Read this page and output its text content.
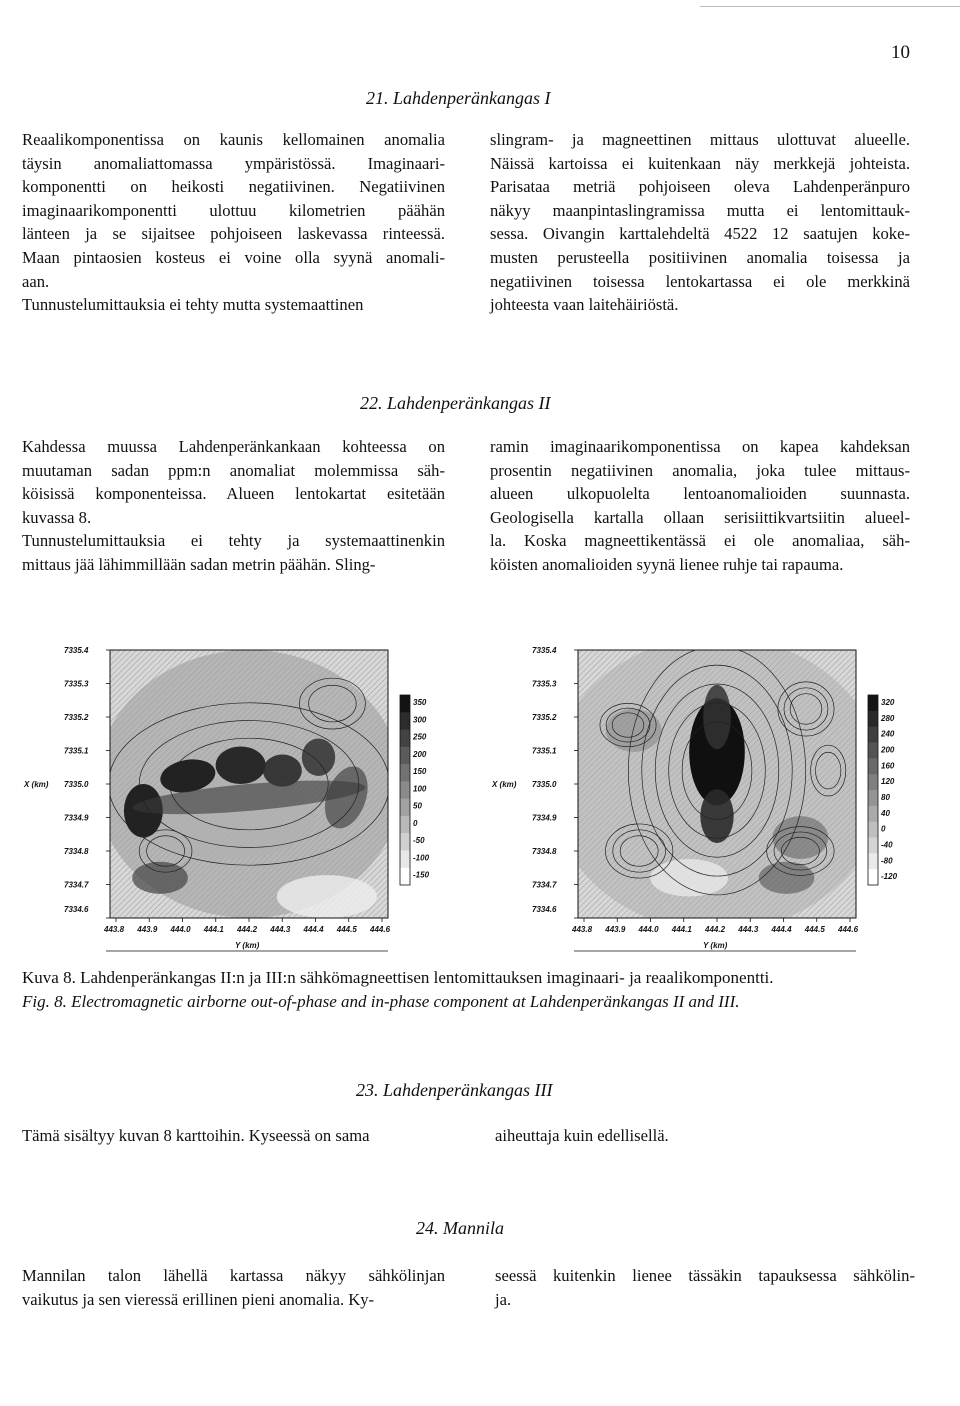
10
21. Lahdenperänkangas I
Reaalikomponentissa on kaunis kellomainen anomalia
täysin anomaliattomassa ympäristössä. Imaginaari-
komponentti on heikosti negatiivinen. Negatiivinen
imaginaarikomponentti ulottuu kilometrien päähän
länteen ja se sijaitsee pohjoiseen laskevassa rinteessä.
Maan pintaosien kosteus ei voine olla syynä anomali-
aan.
Tunnustelumittauksia ei tehty mutta systemaattinen
slingram- ja magneettinen mittaus ulottuvat alueelle.
Näissä kartoissa ei kuitenkaan näy merkkejä johteista.
Parisataa metriä pohjoiseen oleva Lahdenperänpuro
näkyy maanpintaslingramissa mutta ei lentomittauk-
sessa. Oivangin karttalehdeltä 4522 12 saatujen koke-
musten perusteella positiivinen anomalia toisessa ja
negatiivinen toisessa lentokartassa ei ole merkkinä
johteesta vaan laitehäiriöstä.
22. Lahdenperänkangas II
Kahdessa muussa Lahdenperänkankaan kohteessa on
muutaman sadan ppm:n anomaliat molemmissa säh-
köisissä komponenteissa. Alueen lentokartat esitetään
kuvassa 8.
Tunnustelumittauksia ei tehty ja systemaattinenkin
mittaus jää lähimmillään sadan metrin päähän. Sling-
ramin imaginaarikomponentissa on kapea kahdeksan
prosentin negatiivinen anomalia, joka tulee mittaus-
alueen ulkopuolelta lentoanomalioiden suunnasta.
Geologisella kartalla ollaan serisiittikvartsiitin alueel-
la. Koska magneettikentässä ei ole anomaliaa, säh-
köisten anomalioiden syynä lienee ruhje tai rapauma.
7335.4
7335.3
7335.2
7335.1
7335.0
7334.9
7334.8
7334.7
7334.6
443.8 443.9 444.0 444.1 444.2 444.3 444.4 444.5 444.6
Y (km)
X (km)
350
300
250
200
150
100
50
0
-50
-100
-150
7335.4
7335.3
7335.2
7335.1
7335.0
7334.9
7334.8
7334.7
7334.6
443.8 443.9 444.0 444.1 444.2 444.3 444.4 444.5 444.6
Y (km)
X (km)
320
280
240
200
160
120
80
40
0
-40
-80
-120
Kuva 8. Lahdenperänkangas II:n ja III:n sähkömagneettisen lentomittauksen imaginaari- ja reaalikomponentti.
Fig. 8. Electromagnetic airborne out-of-phase and in-phase component at Lahdenperänkangas II and III.
23. Lahdenperänkangas III
Tämä sisältyy kuvan 8 karttoihin. Kyseessä on sama	aiheuttaja kuin edellisellä.
24. Mannila
Mannilan talon lähellä kartassa näkyy sähkölinjan
vaikutus ja sen vieressä erillinen pieni anomalia. Ky-
seessä kuitenkin lienee tässäkin tapauksessa sähkölin-
ja.
